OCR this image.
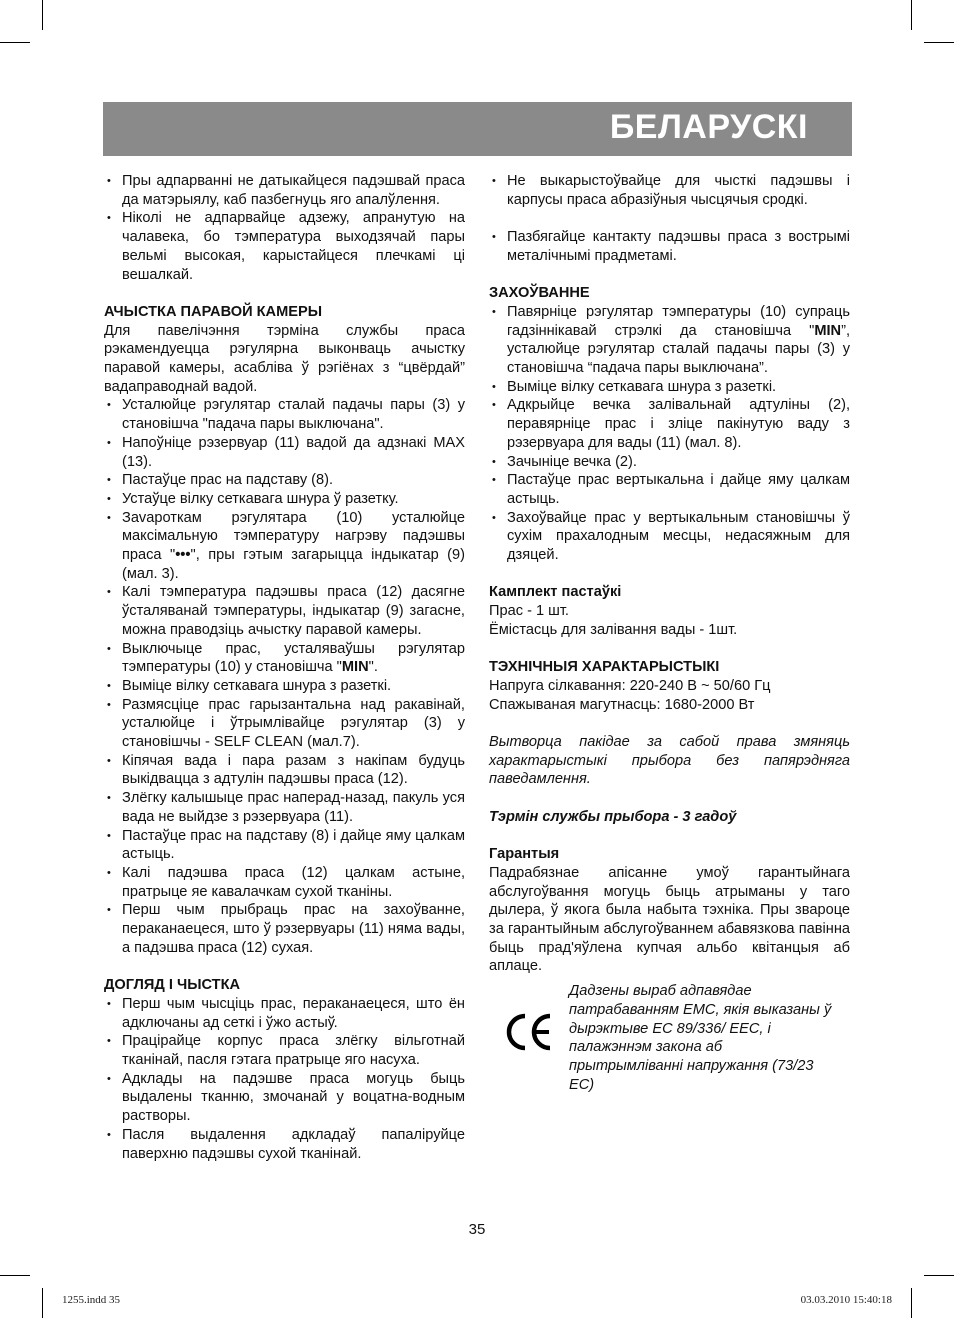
БЕЛАРУСКІ
• Пры адпарванні не датыкайцеся падэшвай праса да матэрыялу, каб пазбегнуць яго апалўлення.
• Ніколі не адпарвайце адзежу, апранутую на чалавека, бо тэмпература выходзячай пары вельмі высокая, карыстайцеся плечкамі ці вешалкай.

АЧЫСТКА ПАРАВОЙ КАМЕРЫ

Для павелічэння тэрміна службы праса рэкамендуецца рэгулярна выконваць ачыстку паравой камеры, асабліва ў рэгіёнах з “цвёрдай” вадаправоднай вадой.

• Усталюйце рэгулятар сталай падачы пары (3) у становішча "падача пары выключана".
• Напоўніце рэзервуар (11) вадой да адзнакі МАХ (13).
• Пастаўце прас на падставу (8).
• Устаўце вілку сеткавага шнура ў разетку.
• Зavароткам рэгулятара (10) усталюйце максімальную тэмпературу нагрэву падэшвы праса "•••", пры гэтым загарыцца індыкатар (9) (мал. 3).
• Калі тэмпература падэшвы праса (12) дасягне ўсталяванай тэмпературы, індыкатар (9) загасне, можна праводзіць ачыстку паравой камеры.
• Выключыце прас, усталяваўшы рэгулятар тэмпературы (10) у становішча "MIN".
• Выміце вілку сеткавага шнура з разеткі.
• Размясціце прас гарызантальна над ракавінай, усталюйце і ўтрымлівайце рэгулятар (3) у становішчы - SELF CLEAN (мал.7).
• Кіпячая вада і пара разам з накіпам будуць выкідвацца з адтулін падэшвы праса (12).
• Злёгку калышыце прас наперад-назад, пакуль уся вада не выйдзе з рэзервуара (11).
• Пастаўце прас на падставу (8) і дайце яму цалкам астыць.
• Калі падэшва праса (12) цалкам астыне, пратрыце яе кавалачкам сухой тканіны.
• Перш чым прыбраць прас на захоўванне, пераканаецеся, што ў рэзервуары (11) няма вады, а падэшва праса (12) сухая.

ДОГЛЯД І ЧЫСТКА

• Перш чым чысціць прас, пераканаецеся, што ён адключаны ад сеткі і ўжо астыў.
• Працірайце корпус праса злёгку вільготнай тканінай, пасля гэтага пратрыце яго насуха.
• Адклады на падэшве праса могуць быць выдалены тканню, змочанай у воцатна-водным растворы.
• Пасля выдалення адкладаў папаліруйце паверхню падэшвы сухой тканінай.
• Не выкарыстоўвайце для чысткі падэшвы і карпусы праса абразіўныя чысцячыя сродкі.
• Пазбягайце кантакту падэшвы праса з вострымі металічнымі прадметамі.

ЗАХОЎВАННЕ

• Павярніце рэгулятар тэмпературы (10) супраць гадзіннікавай стрэлкі да становішча "MIN”, усталюйце рэгулятар сталай падачы пары (3) у становішча “падача пары выключана”.
• Выміце вілку сеткавага шнура з разеткі.
• Адкрыйце вечка залівальнай адтуліны (2), перавярніце прас і зліце пакінутую ваду з рэзервуара для вады (11) (мал. 8).
• Зачыніце вечка (2).
• Пастаўце прас вертыкальна і дайце яму цалкам астыць.
• Захоўвайце прас у вертыкальным становішчы ў сухім прахалодным месцы, недасяжным для дзяцей.

Камплект пастаўкі

Прас - 1 шт.

Ёмістасць для залівання вады - 1шт.

ТЭХНІЧНЫЯ ХАРАКТАРЫСТЫКІ

Напруга сілкавання: 220-240 В ~ 50/60 Гц

Спажываная магутнасць: 1680-2000 Вт

Вытворца пакідае за сабой права змяняць характарыстыкі прыбора без папярэдняга паведамлення.

Тэрмін службы прыбора - 3 гадоў

Гарантыя

Падрабязнае апісанне умоў гарантыйнага абслугоўвання могуць быць атрыманы у таго дылера, ў якога была набыта тэхніка. Пры звароце за гарантыйным абслугоўваннем абавязкова павінна быць прад'яўлена купчая альбо квітанцыя аб аплаце.

Дадзены выраб адпавядае патрабаванням ЕМС, якія выказаны ў дырэктыве ЕС 89/336/ ЕЕС, і палажэннэм закона аб прытрымліванні напружання (73/23 ЕС)
35
1255.indd 35	03.03.2010 15:40:18
